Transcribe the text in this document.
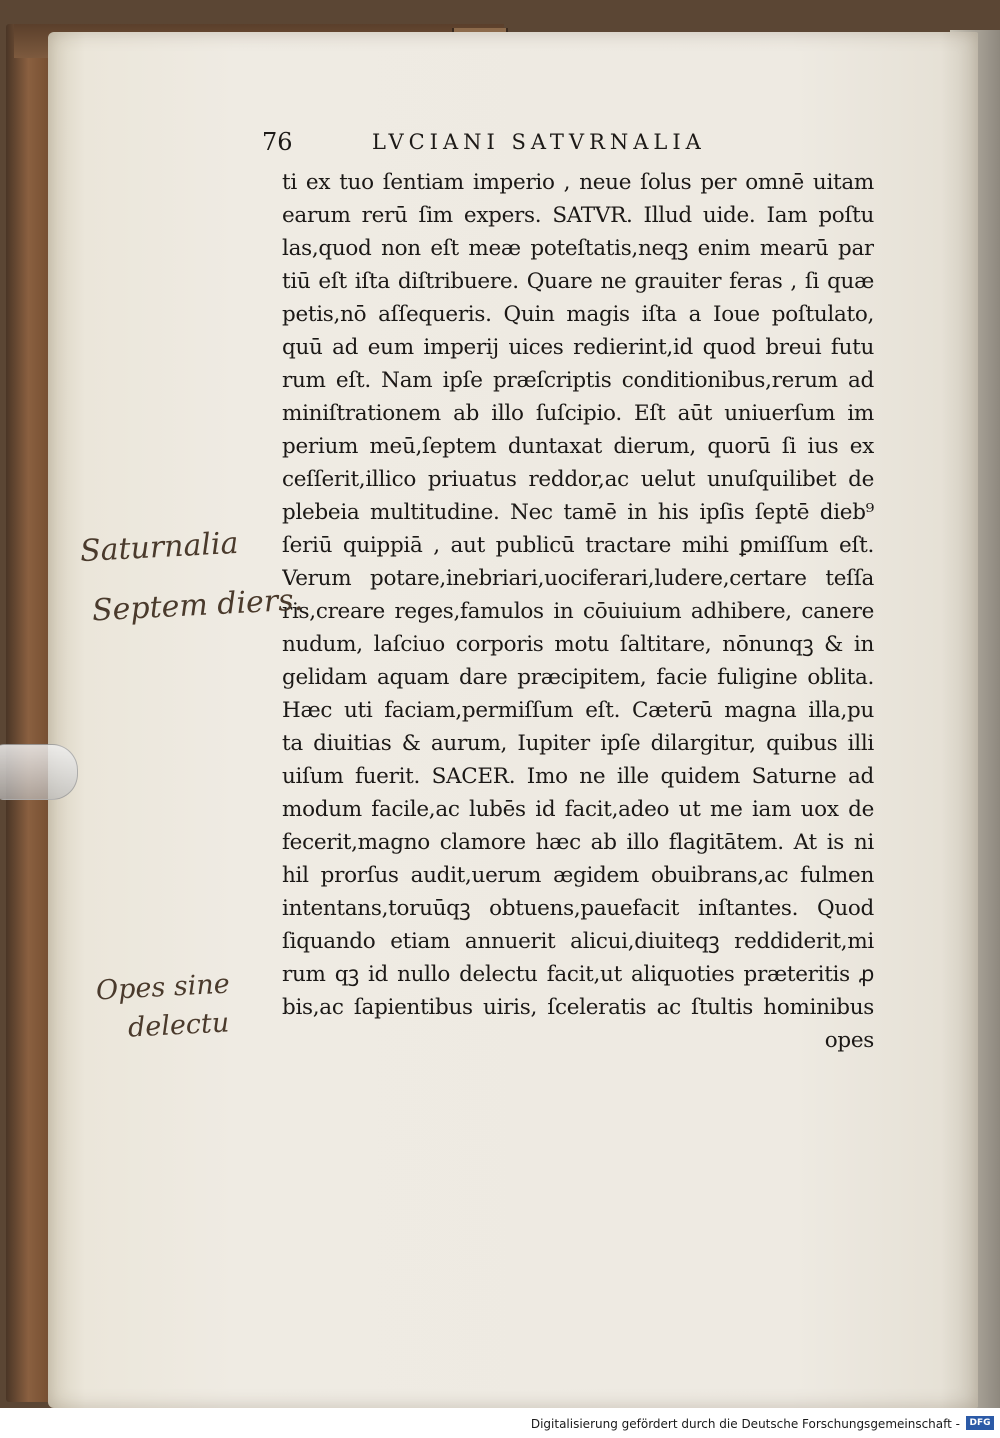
76	LVCIANI SATVRNALIA
ti ex tuo ſentiam imperio , neue ſolus per omnē uitam
earum rerū ſim expers. SATVR. Illud uide. Iam poſtu
las,quod non eſt meæ poteſtatis,neqꝫ enim mearū par
tiū eſt iſta diſtribuere. Quare ne grauiter feras , ſi quæ
petis,nō aſſequeris. Quin magis iſta a Ioue poſtulato,
quū ad eum imperij uices redierint,id quod breui futu
rum eſt. Nam ipſe præſcriptis conditionibus,rerum ad
miniſtrationem ab illo ſuſcipio. Eſt aūt uniuerſum im
perium meū,ſeptem duntaxat dierum, quorū ſi ius ex
ceſſerit,illico priuatus reddor,ac uelut unuſquilibet de
plebeia multitudine. Nec tamē in his ipſis ſeptē dieb⁹
ſeriū quippiā , aut publicū tractare mihi ꝑmiſſum eſt.
Verum potare,inebriari,uociferari,ludere,certare teſſa
ris,creare reges,famulos in cōuiuium adhibere, canere
nudum, laſciuo corporis motu ſaltitare, nōnunqꝫ & in
gelidam aquam dare præcipitem, facie fuligine oblita.
Hæc uti faciam,permiſſum eſt. Cæterū magna illa,pu
ta diuitias & aurum, Iupiter ipſe dilargitur, quibus illi
uiſum fuerit. SACER. Imo ne ille quidem Saturne ad
modum facile,ac lubēs id facit,adeo ut me iam uox de
fecerit,magno clamore hæc ab illo flagitātem. At is ni
hil prorſus audit,uerum ægidem obuibrans,ac fulmen
intentans,toruūqꝫ obtuens,pauefacit inſtantes. Quod
ſiquando etiam annuerit alicui,diuiteqꝫ reddiderit,mi
rum qꝫ id nullo delectu facit,ut aliquoties præteritis ꝓ
bis,ac ſapientibus uiris, ſceleratis ac ſtultis hominibus
opes
Saturnalia
Septem diers.
Opes sine
delectu
Digitalisierung gefördert durch die Deutsche Forschungsgemeinschaft -	DFG
